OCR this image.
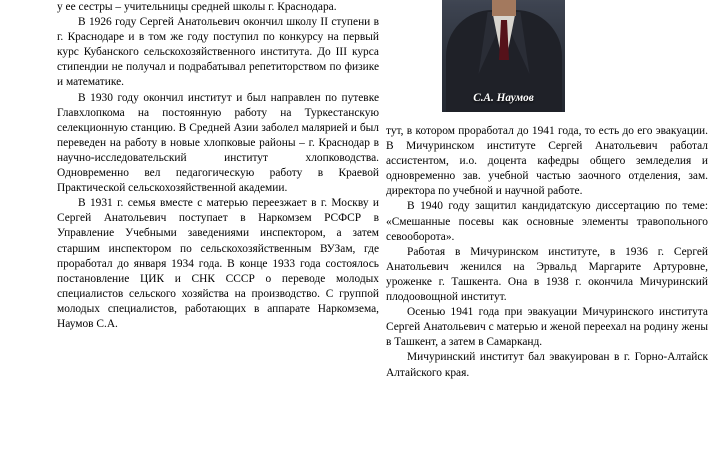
С.А. Наумов

у ее сестры – учительницы средней школы г. Краснодара.

В 1926 году Сергей Анатольевич окончил школу II ступени в г. Краснодаре и в том же году поступил по конкурсу на первый курс Кубанского сельскохозяйственного института. До III курса стипендии не получал и подрабатывал репетиторством по физике и математике.

В 1930 году окончил институт и был направлен по путевке Главхлопкома на постоянную работу на Туркестанскую селекционную станцию. В Средней Азии заболел малярией и был переведен на работу в новые хлопковые районы – г. Краснодар в научно-исследовательский институт хлопководства. Одновременно вел педагогическую работу в Краевой Практической сельскохозяйственной академии.

В 1931 г. семья вместе с матерью переезжает в г. Москву и Сергей Анатольевич поступает в Наркомзем РСФСР в Управление Учебными заведениями инспектором, а затем старшим инспектором по сельскохозяйственным ВУЗам, где проработал до января 1934 года. В конце 1933 года состоялось постановление ЦИК и СНК СССР о переводе молодых специалистов сельского хозяйства на производство. С группой молодых специалистов, работающих в аппарате Наркомзема, Наумов С.А.

тут, в котором проработал до 1941 года, то есть до его эвакуации. В Мичуринском институте Сергей Анатольевич работал ассистентом, и.о. доцента кафедры общего земледелия и одновременно зав. учебной частью заочного отделения, зам. директора по учебной и научной работе.

В 1940 году защитил кандидатскую диссертацию по теме: «Смешанные посевы как основные элементы травопольного севооборота».

Работая в Мичуринском институте, в 1936 г. Сергей Анатольевич женился на Эрвальд Маргарите Артуровне, уроженке г. Ташкента. Она в 1938 г. окончила Мичуринский плодоовощной институт.

Осенью 1941 года при эвакуации Мичуринского института Сергей Анатольевич с матерью и женой переехал на родину жены в Ташкент, а затем в Самарканд.

Мичуринский институт бал эвакуирован в г. Горно-Алтайск Алтайского края.
